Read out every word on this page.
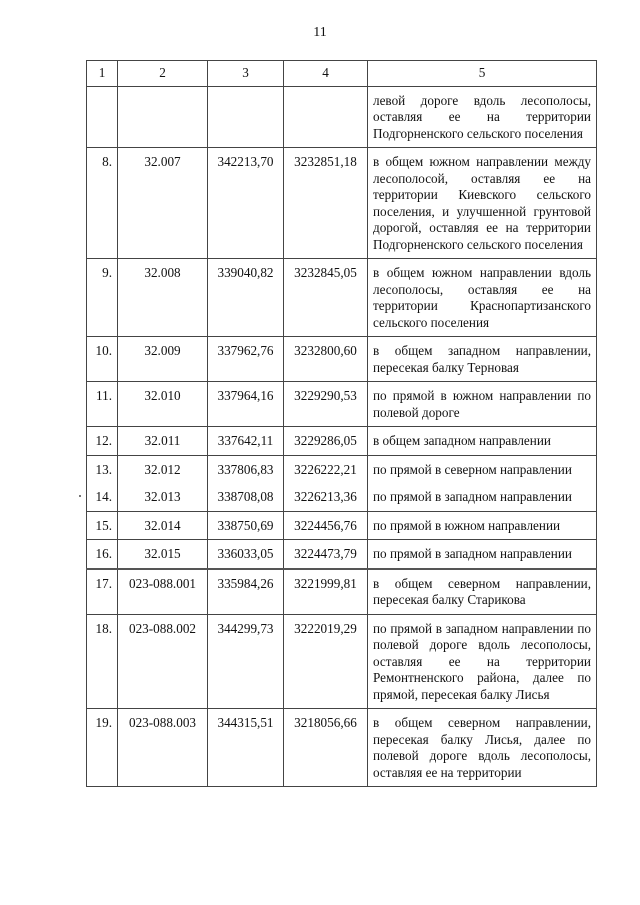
11
1	2	3	4	5
				левой дороге вдоль лесополосы, оставляя ее на территории Подгорненского сельского поселения
8.	32.007	342213,70	3232851,18	в общем южном направлении между лесополосой, оставляя ее на территории Киевского сельского поселения, и улучшенной грунтовой дорогой, оставляя ее на территории Подгорненского сельского поселения
9.	32.008	339040,82	3232845,05	в общем южном направлении вдоль лесополосы, оставляя ее на территории Краснопартизанского сельского поселения
10.	32.009	337962,76	3232800,60	в общем западном направлении, пересекая балку Терновая
11.	32.010	337964,16	3229290,53	по прямой в южном направлении по полевой дороге
12.	32.011	337642,11	3229286,05	в общем западном направлении
13.	32.012	337806,83	3226222,21	по прямой в северном направлении
14.	32.013	338708,08	3226213,36	по прямой в западном направлении
15.	32.014	338750,69	3224456,76	по прямой в южном направлении
16.	32.015	336033,05	3224473,79	по прямой в западном направлении
17.	023-088.001	335984,26	3221999,81	в общем северном направлении, пересекая балку Старикова
18.	023-088.002	344299,73	3222019,29	по прямой в западном направлении по полевой дороге вдоль лесополосы, оставляя ее на территории Ремонтненского района, далее по прямой, пересекая балку Лисья
19.	023-088.003	344315,51	3218056,66	в общем северном направлении, пересекая балку Лисья, далее по полевой дороге вдоль лесополосы, оставляя ее на территории
